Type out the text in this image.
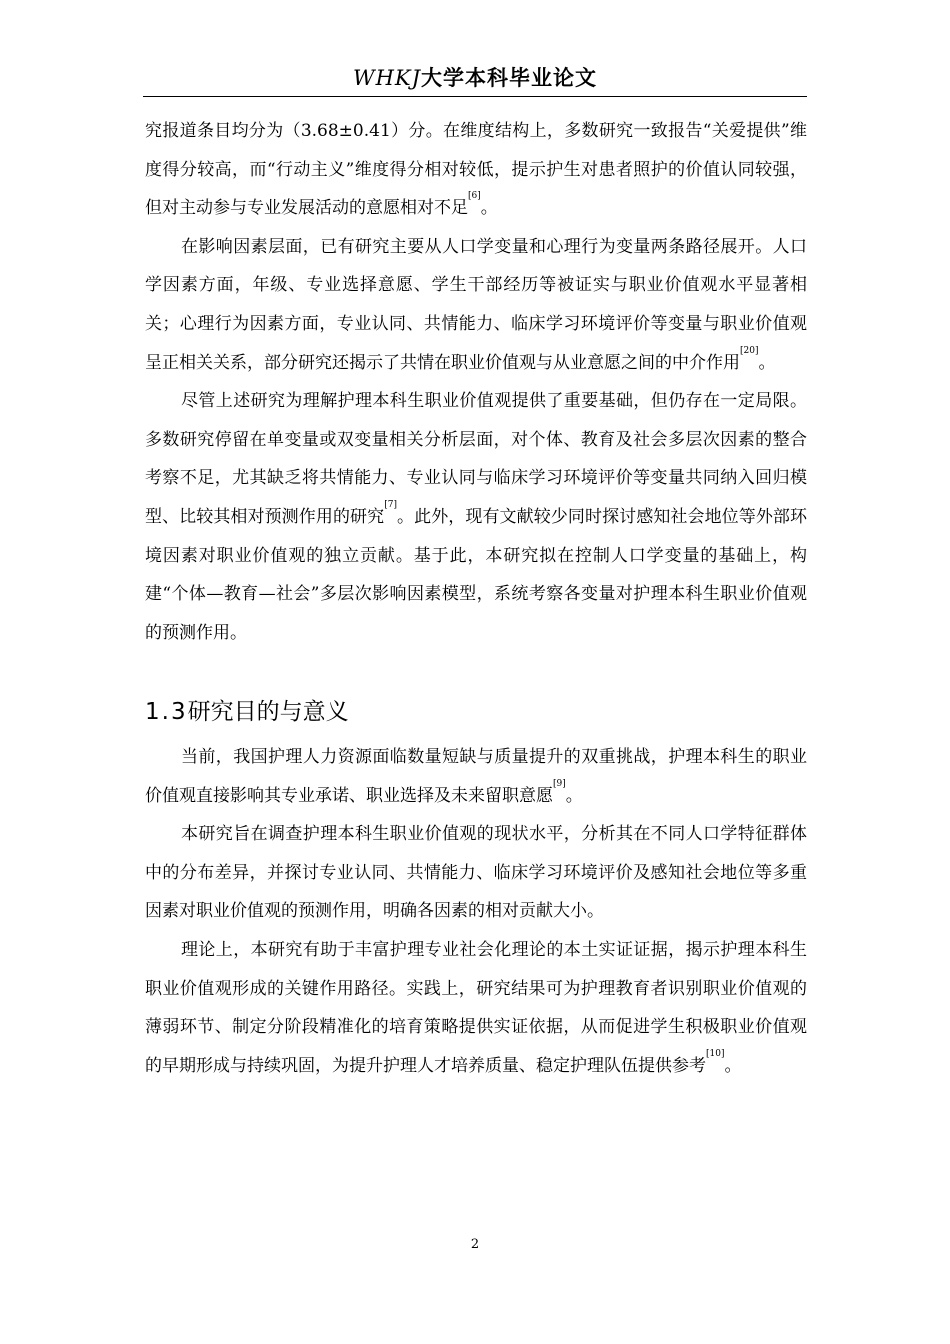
WHKJ大学本科毕业论文

究报道条目均分为（3.68±0.41）分。在维度结构上，多数研究一致报告“关爱提供”维度得分较高，而“行动主义”维度得分相对较低，提示护生对患者照护的价值认同较强，但对主动参与专业发展活动的意愿相对不足[6]。

在影响因素层面，已有研究主要从人口学变量和心理行为变量两条路径展开。人口学因素方面，年级、专业选择意愿、学生干部经历等被证实与职业价值观水平显著相关；心理行为因素方面，专业认同、共情能力、临床学习环境评价等变量与职业价值观呈正相关关系，部分研究还揭示了共情在职业价值观与从业意愿之间的中介作用[20]。

尽管上述研究为理解护理本科生职业价值观提供了重要基础，但仍存在一定局限。多数研究停留在单变量或双变量相关分析层面，对个体、教育及社会多层次因素的整合考察不足，尤其缺乏将共情能力、专业认同与临床学习环境评价等变量共同纳入回归模型、比较其相对预测作用的研究[7]。此外，现有文献较少同时探讨感知社会地位等外部环境因素对职业价值观的独立贡献。基于此，本研究拟在控制人口学变量的基础上，构建“个体—教育—社会”多层次影响因素模型，系统考察各变量对护理本科生职业价值观的预测作用。

1.3研究目的与意义

当前，我国护理人力资源面临数量短缺与质量提升的双重挑战，护理本科生的职业价值观直接影响其专业承诺、职业选择及未来留职意愿[9]。

本研究旨在调查护理本科生职业价值观的现状水平，分析其在不同人口学特征群体中的分布差异，并探讨专业认同、共情能力、临床学习环境评价及感知社会地位等多重因素对职业价值观的预测作用，明确各因素的相对贡献大小。

理论上，本研究有助于丰富护理专业社会化理论的本土实证证据，揭示护理本科生职业价值观形成的关键作用路径。实践上，研究结果可为护理教育者识别职业价值观的薄弱环节、制定分阶段精准化的培育策略提供实证依据，从而促进学生积极职业价值观的早期形成与持续巩固，为提升护理人才培养质量、稳定护理队伍提供参考[10]。

2
